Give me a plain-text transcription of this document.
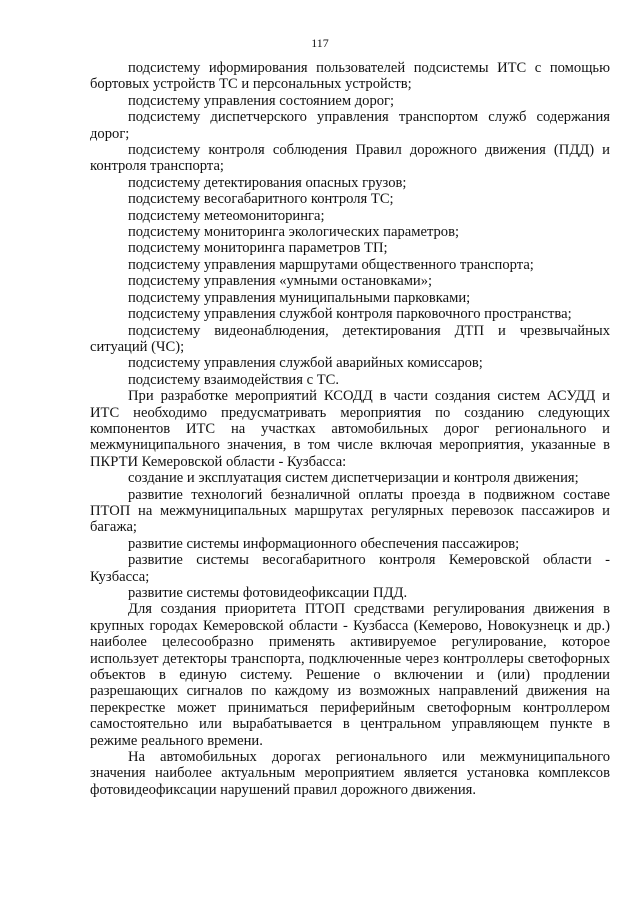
117

подсистему иформирования пользователей подсистемы ИТС с помощью бортовых устройств ТС и персональных устройств;

подсистему управления состоянием дорог;

подсистему диспетчерского управления транспортом служб содержания дорог;

подсистему контроля соблюдения Правил дорожного движения (ПДД) и контроля транспорта;

подсистему детектирования опасных грузов;

подсистему весогабаритного контроля ТС;

подсистему метеомониторинга;

подсистему мониторинга экологических параметров;

подсистему мониторинга параметров ТП;

подсистему управления маршрутами общественного транспорта;

подсистему управления «умными остановками»;

подсистему управления муниципальными парковками;

подсистему управления службой контроля парковочного пространства;

подсистему видеонаблюдения, детектирования ДТП и чрезвычайных ситуаций (ЧС);

подсистему управления службой аварийных комиссаров;

подсистему взаимодействия с ТС.

При разработке мероприятий КСОДД в части создания систем АСУДД и ИТС необходимо предусматривать мероприятия по созданию следующих компонентов ИТС на участках автомобильных дорог регионального и межмуниципального значения, в том числе включая мероприятия, указанные в ПКРТИ Кемеровской области - Кузбасса:

создание и эксплуатация систем диспетчеризации и контроля движения;

развитие технологий безналичной оплаты проезда в подвижном составе ПТОП на межмуниципальных маршрутах регулярных перевозок пассажиров и багажа;

развитие системы информационного обеспечения пассажиров;

развитие системы весогабаритного контроля Кемеровской области - Кузбасса;

развитие системы фотовидеофиксации ПДД.

Для создания приоритета ПТОП средствами регулирования движения в крупных городах Кемеровской области - Кузбасса (Кемерово, Новокузнецк и др.) наиболее целесообразно применять активируемое регулирование, которое использует детекторы транспорта, подключенные через контроллеры светофорных объектов в единую систему. Решение о включении и (или) продлении разрешающих сигналов по каждому из возможных направлений движения на перекрестке может приниматься периферийным светофорным контроллером самостоятельно или вырабатывается в центральном управляющем пункте в режиме реального времени.

На автомобильных дорогах регионального или межмуниципального значения наиболее актуальным мероприятием является установка комплексов фотовидеофиксации нарушений правил дорожного движения.
